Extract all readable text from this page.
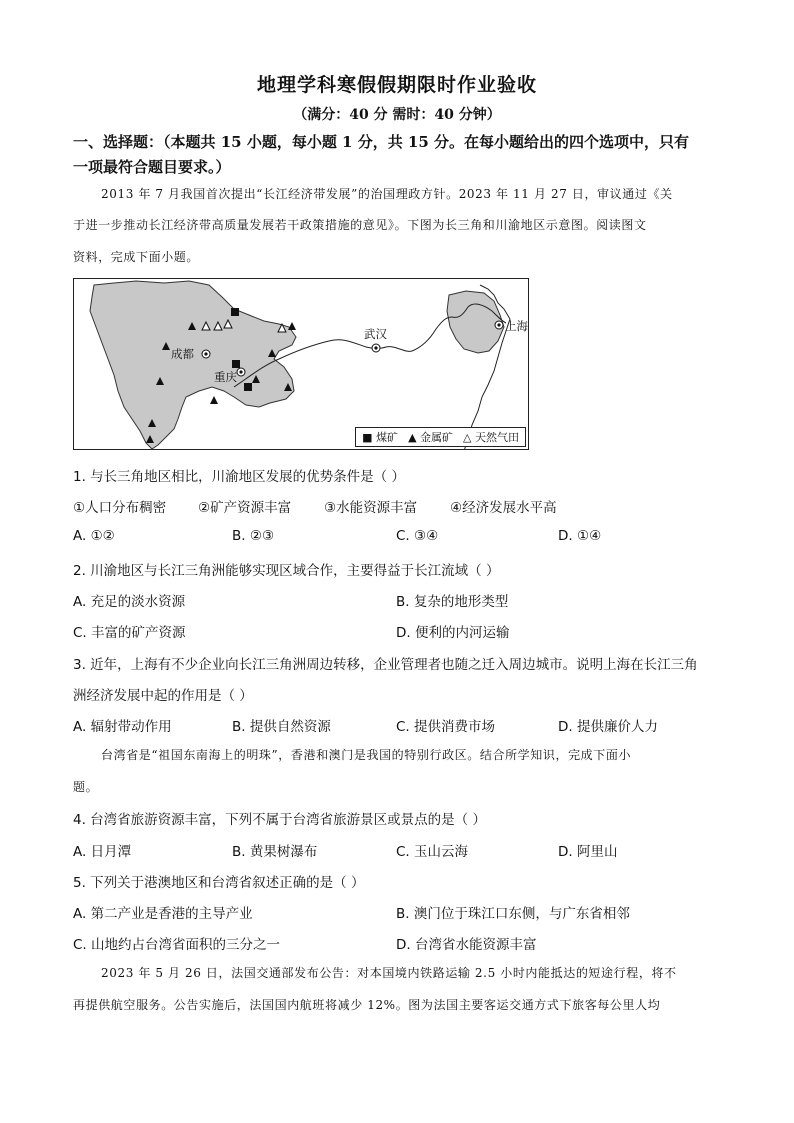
地理学科寒假假期限时作业验收
（满分：40 分 需时：40 分钟）
一、选择题：（本题共 15 小题，每小题 1 分，共 15 分。在每小题给出的四个选项中，只有
一项最符合题目要求。）
2013 年 7 月我国首次提出“长江经济带发展”的治国理政方针。2023 年 11 月 27 日，审议通过《关
于进一步推动长江经济带高质量发展若干政策措施的意见》。下图为长三角和川渝地区示意图。阅读图文
资料，完成下面小题。
成都
重庆
武汉
上海
■ 煤矿 ▲ 金属矿 △ 天然气田
1. 与长三角地区相比，川渝地区发展的优势条件是（ ）
①人口分布稠密 ②矿产资源丰富 ③水能资源丰富 ④经济发展水平高
A. ①②	B. ②③	C. ③④	D. ①④
2. 川渝地区与长江三角洲能够实现区域合作，主要得益于长江流域（ ）
A. 充足的淡水资源	B. 复杂的地形类型
C. 丰富的矿产资源	D. 便利的内河运输
3. 近年，上海有不少企业向长江三角洲周边转移，企业管理者也随之迁入周边城市。说明上海在长江三角
洲经济发展中起的作用是（ ）
A. 辐射带动作用	B. 提供自然资源	C. 提供消费市场	D. 提供廉价人力
台湾省是“祖国东南海上的明珠”，香港和澳门是我国的特别行政区。结合所学知识，完成下面小
题。
4. 台湾省旅游资源丰富，下列不属于台湾省旅游景区或景点的是（ ）
A. 日月潭	B. 黄果树瀑布	C. 玉山云海	D. 阿里山
5. 下列关于港澳地区和台湾省叙述正确的是（ ）
A. 第二产业是香港的主导产业	B. 澳门位于珠江口东侧，与广东省相邻
C. 山地约占台湾省面积的三分之一	D. 台湾省水能资源丰富
2023 年 5 月 26 日，法国交通部发布公告：对本国境内铁路运输 2.5 小时内能抵达的短途行程，将不
再提供航空服务。公告实施后，法国国内航班将减少 12%。图为法国主要客运交通方式下旅客每公里人均
